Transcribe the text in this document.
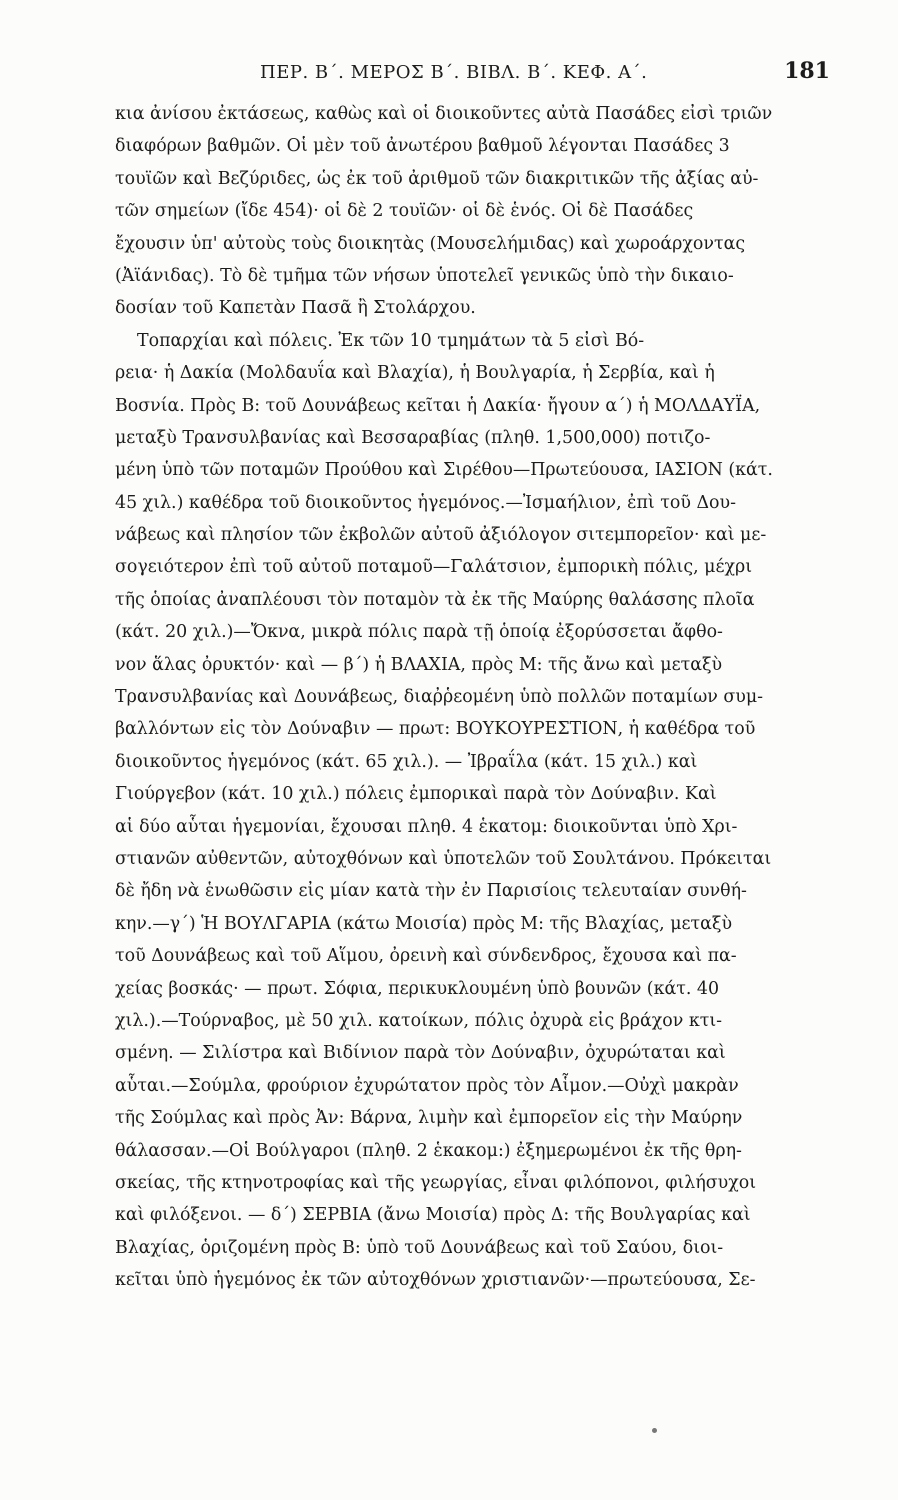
ΠΕΡ. Β΄. ΜΕΡΟΣ Β΄. ΒΙΒΛ. Β΄. ΚΕΦ. Α΄.	181
κια ἀνίσου ἐκτάσεως, καθὼς καὶ οἱ διοικοῦντες αὐτὰ Πασάδες εἰσὶ τριῶν
διαφόρων βαθμῶν. Οἱ μὲν τοῦ ἀνωτέρου βαθμοῦ λέγονται Πασάδες 3
τουϊῶν καὶ Βεζύριδες, ὡς ἐκ τοῦ ἀριθμοῦ τῶν διακριτικῶν τῆς ἀξίας αὐ-
τῶν σημείων (ἴδε 454)· οἱ δὲ 2 τουϊῶν· οἱ δὲ ἑνός. Οἱ δὲ Πασάδες
ἔχουσιν ὑπ' αὐτοὺς τοὺς διοικητὰς (Μουσελήμιδας) καὶ χωροάρχοντας
(Ἀϊάνιδας). Τὸ δὲ τμῆμα τῶν νήσων ὑποτελεῖ γενικῶς ὑπὸ τὴν δικαιο-
δοσίαν τοῦ Καπετὰν Πασᾶ ἢ Στολάρχου.
Τοπαρχίαι καὶ πόλεις. Ἐκ τῶν 10 τμημάτων τὰ 5 εἰσὶ Βό-
ρεια· ἡ Δακία (Μολδαυΐα καὶ Βλαχία), ἡ Βουλγαρία, ἡ Σερβία, καὶ ἡ
Βοσνία. Πρὸς Β: τοῦ Δουνάβεως κεῖται ἡ Δακία· ἤγουν α΄) ἡ ΜΟΛΔΑΥΪΑ,
μεταξὺ Τρανσυλβανίας καὶ Βεσσαραβίας (πληθ. 1,500,000) ποτιζο-
μένη ὑπὸ τῶν ποταμῶν Προύθου καὶ Σιρέθου—Πρωτεύουσα, ΙΑΣΙΟΝ (κάτ.
45 χιλ.) καθέδρα τοῦ διοικοῦντος ἡγεμόνος.—Ἰσμαήλιον, ἐπὶ τοῦ Δου-
νάβεως καὶ πλησίον τῶν ἐκβολῶν αὐτοῦ ἀξιόλογον σιτεμπορεῖον· καὶ με-
σογειότερον ἐπὶ τοῦ αὐτοῦ ποταμοῦ—Γαλάτσιον, ἐμπορικὴ πόλις, μέχρι
τῆς ὁποίας ἀναπλέουσι τὸν ποταμὸν τὰ ἐκ τῆς Μαύρης θαλάσσης πλοῖα
(κάτ. 20 χιλ.)—Ὄκνα, μικρὰ πόλις παρὰ τῇ ὁποίᾳ ἐξορύσσεται ἄφθο-
νον ἅλας ὀρυκτόν· καὶ — β΄) ἡ ΒΛΑΧΙΑ, πρὸς Μ: τῆς ἄνω καὶ μεταξὺ
Τρανσυλβανίας καὶ Δουνάβεως, διαῤῥεομένη ὑπὸ πολλῶν ποταμίων συμ-
βαλλόντων εἰς τὸν Δούναβιν — πρωτ: ΒΟΥΚΟΥΡΕΣΤΙΟΝ, ἡ καθέδρα τοῦ
διοικοῦντος ἡγεμόνος (κάτ. 65 χιλ.). — Ἰβραΐλα (κάτ. 15 χιλ.) καὶ
Γιούργεβον (κάτ. 10 χιλ.) πόλεις ἐμπορικαὶ παρὰ τὸν Δούναβιν. Καὶ
αἱ δύο αὗται ἡγεμονίαι, ἔχουσαι πληθ. 4 ἑκατομ: διοικοῦνται ὑπὸ Χρι-
στιανῶν αὐθεντῶν, αὐτοχθόνων καὶ ὑποτελῶν τοῦ Σουλτάνου. Πρόκειται
δὲ ἤδη νὰ ἑνωθῶσιν εἰς μίαν κατὰ τὴν ἐν Παρισίοις τελευταίαν συνθή-
κην.—γ΄) Ἡ ΒΟΥΛΓΑΡΙΑ (κάτω Μοισία) πρὸς Μ: τῆς Βλαχίας, μεταξὺ
τοῦ Δουνάβεως καὶ τοῦ Αἵμου, ὀρεινὴ καὶ σύνδενδρος, ἔχουσα καὶ πα-
χείας βοσκάς· — πρωτ. Σόφια, περικυκλουμένη ὑπὸ βουνῶν (κάτ. 40
χιλ.).—Τούρναβος, μὲ 50 χιλ. κατοίκων, πόλις ὀχυρὰ εἰς βράχον κτι-
σμένη. — Σιλίστρα καὶ Βιδίνιον παρὰ τὸν Δούναβιν, ὀχυρώταται καὶ
αὗται.—Σούμλα, φρούριον ἐχυρώτατον πρὸς τὸν Αἷμον.—Οὐχὶ μακρὰν
τῆς Σούμλας καὶ πρὸς Ἀν: Βάρνα, λιμὴν καὶ ἐμπορεῖον εἰς τὴν Μαύρην
θάλασσαν.—Οἱ Βούλγαροι (πληθ. 2 ἑκακομ:) ἐξημερωμένοι ἐκ τῆς θρη-
σκείας, τῆς κτηνοτροφίας καὶ τῆς γεωργίας, εἶναι φιλόπονοι, φιλήσυχοι
καὶ φιλόξενοι. — δ΄) ΣΕΡΒΙΑ (ἄνω Μοισία) πρὸς Δ: τῆς Βουλγαρίας καὶ
Βλαχίας, ὁριζομένη πρὸς Β: ὑπὸ τοῦ Δουνάβεως καὶ τοῦ Σαύου, διοι-
κεῖται ὑπὸ ἡγεμόνος ἐκ τῶν αὐτοχθόνων χριστιανῶν·—πρωτεύουσα, Σε-
